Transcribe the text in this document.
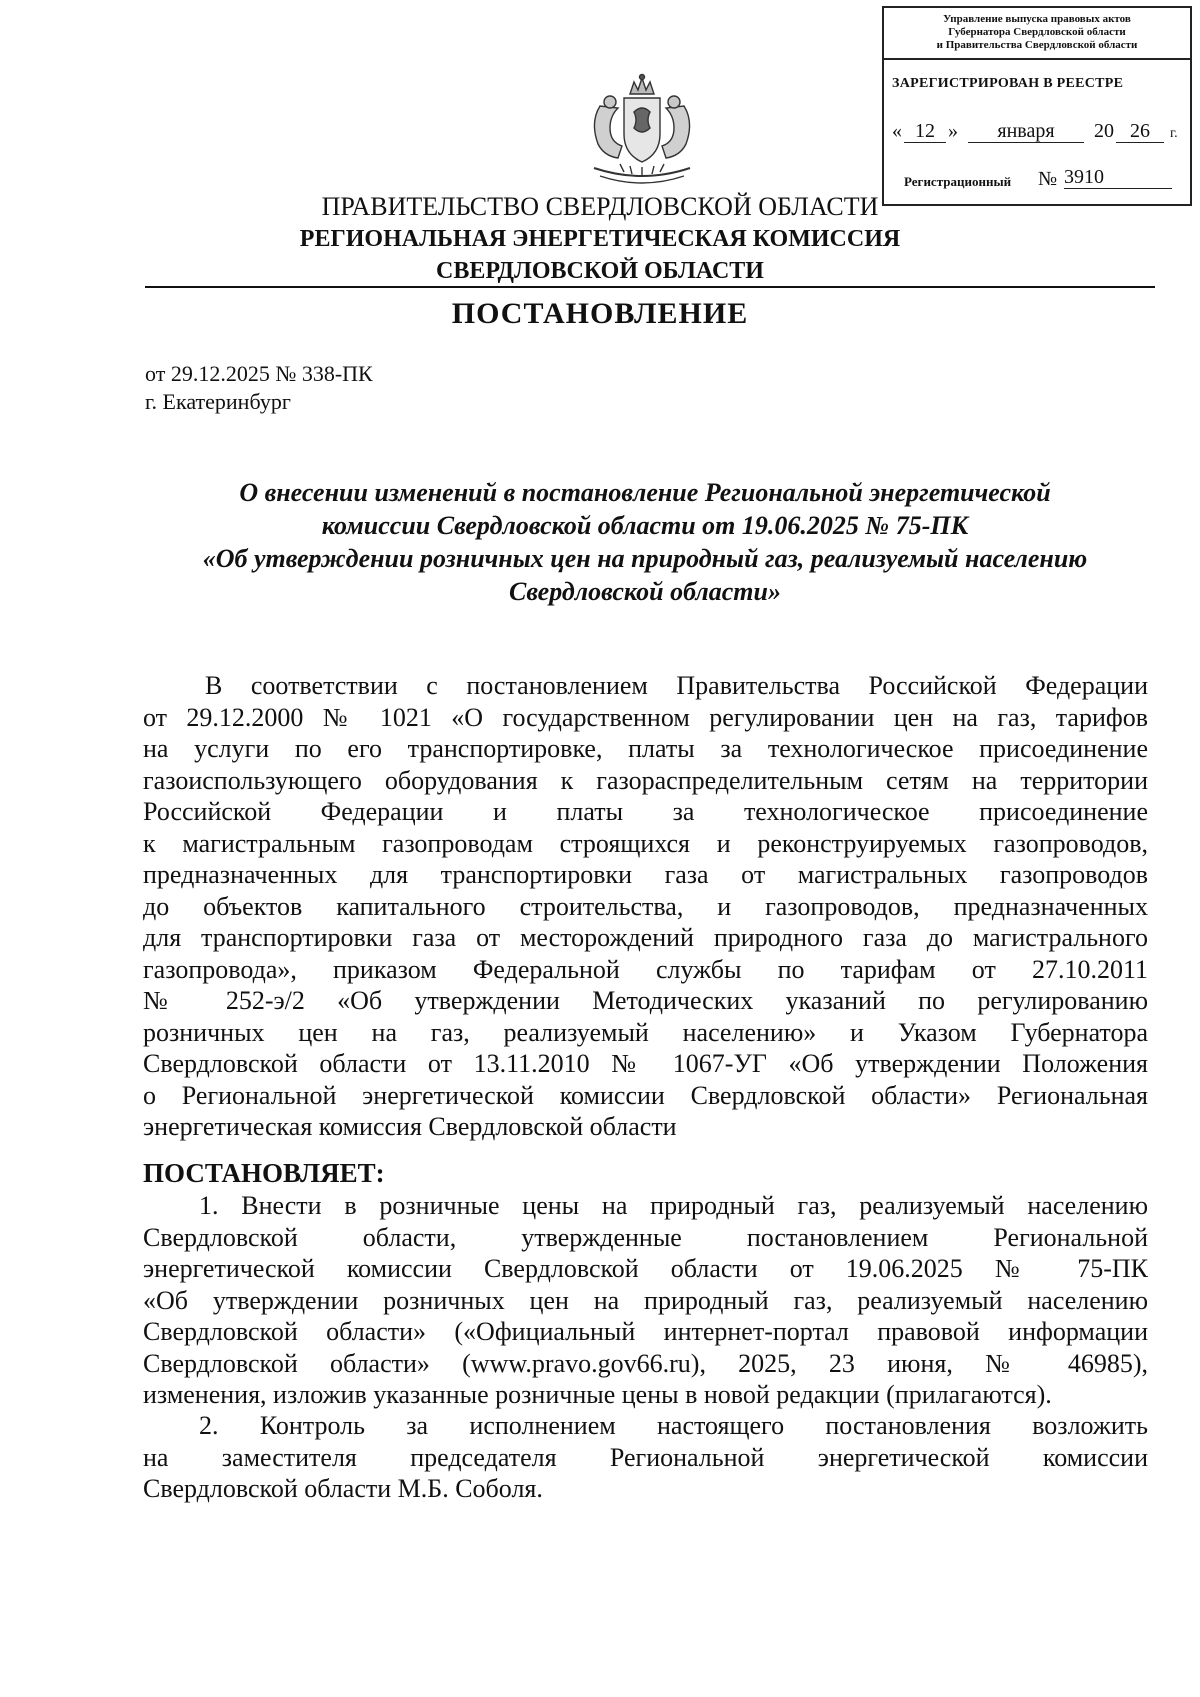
Управление выпуска правовых актов
Губернатора Свердловской области
и Правительства Свердловской области
ЗАРЕГИСТРИРОВАН В РЕЕСТРЕ
« 12 »	января	20 26	г.
Регистрационный № 3910
ПРАВИТЕЛЬСТВО СВЕРДЛОВСКОЙ ОБЛАСТИ
РЕГИОНАЛЬНАЯ ЭНЕРГЕТИЧЕСКАЯ КОМИССИЯ
СВЕРДЛОВСКОЙ ОБЛАСТИ
ПОСТАНОВЛЕНИЕ
от 29.12.2025 № 338-ПК
г. Екатеринбург
О внесении изменений в постановление Региональной энергетической
комиссии Свердловской области от 19.06.2025 № 75-ПК
«Об утверждении розничных цен на природный газ, реализуемый населению
Свердловской области»
В соответствии с постановлением Правительства Российской Федерации
от 29.12.2000 № 1021 «О государственном регулировании цен на газ, тарифов
на услуги по его транспортировке, платы за технологическое присоединение
газоиспользующего оборудования к газораспределительным сетям на территории
Российской Федерации и платы за технологическое присоединение
к магистральным газопроводам строящихся и реконструируемых газопроводов,
предназначенных для транспортировки газа от магистральных газопроводов
до объектов капитального строительства, и газопроводов, предназначенных
для транспортировки газа от месторождений природного газа до магистрального
газопровода», приказом Федеральной службы по тарифам от 27.10.2011
№ 252-э/2 «Об утверждении Методических указаний по регулированию
розничных цен на газ, реализуемый населению» и Указом Губернатора
Свердловской области от 13.11.2010 № 1067-УГ «Об утверждении Положения
о Региональной энергетической комиссии Свердловской области» Региональная
энергетическая комиссия Свердловской области
ПОСТАНОВЛЯЕТ:
1. Внести в розничные цены на природный газ, реализуемый населению
Свердловской области, утвержденные постановлением Региональной
энергетической комиссии Свердловской области от 19.06.2025 № 75-ПК
«Об утверждении розничных цен на природный газ, реализуемый населению
Свердловской области» («Официальный интернет-портал правовой информации
Свердловской области» (www.pravo.gov66.ru), 2025, 23 июня, № 46985),
изменения, изложив указанные розничные цены в новой редакции (прилагаются).
2. Контроль за исполнением настоящего постановления возложить
на заместителя председателя Региональной энергетической комиссии
Свердловской области М.Б. Соболя.
